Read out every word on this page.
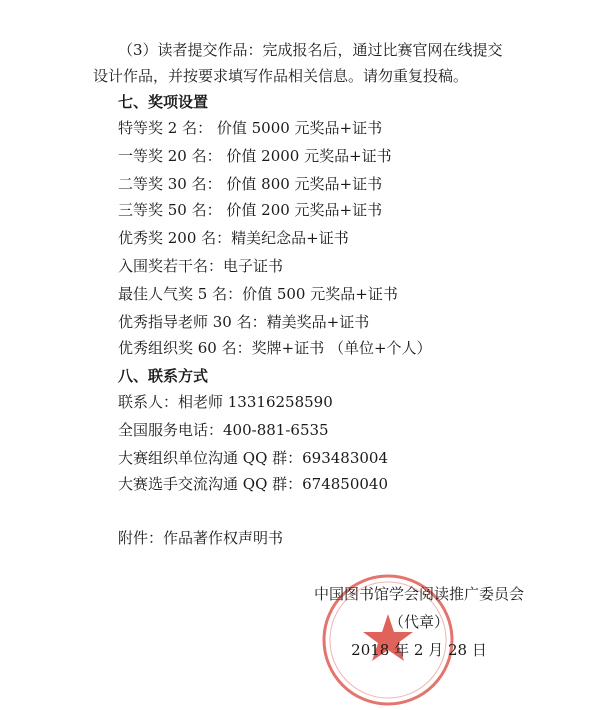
（3）读者提交作品：完成报名后，通过比赛官网在线提交
设计作品，并按要求填写作品相关信息。请勿重复投稿。
七、奖项设置
特等奖 2 名： 价值 5000 元奖品+证书
一等奖 20 名： 价值 2000 元奖品+证书
二等奖 30 名： 价值 800 元奖品+证书
三等奖 50 名： 价值 200 元奖品+证书
优秀奖 200 名：精美纪念品+证书
入围奖若干名：电子证书
最佳人气奖 5 名：价值 500 元奖品+证书
优秀指导老师 30 名：精美奖品+证书
优秀组织奖 60 名：奖牌+证书 （单位+个人）
八、联系方式
联系人：相老师 13316258590
全国服务电话：400-881-6535
大赛组织单位沟通 QQ 群：693483004
大赛选手交流沟通 QQ 群：674850040
附件：作品著作权声明书
中国图书馆学会阅读推广委员会
（代章）
2018 年 2 月 28 日
